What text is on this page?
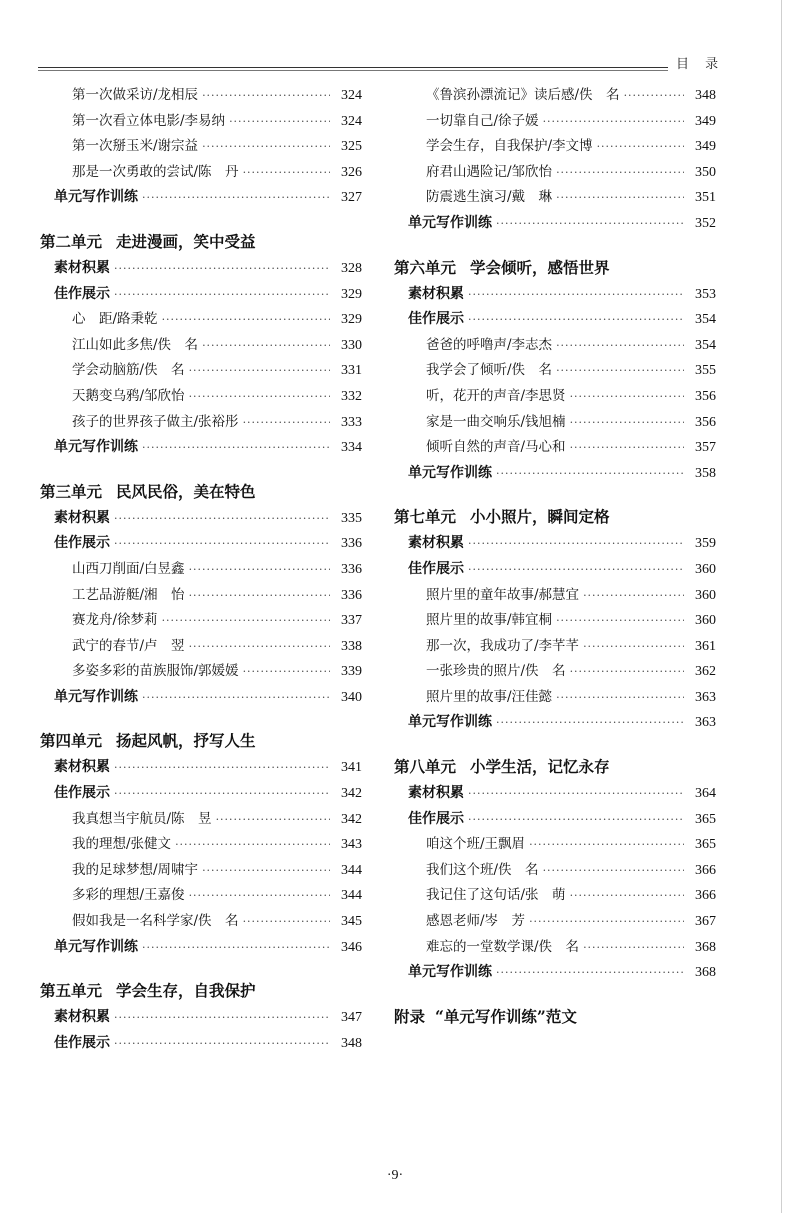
目 录
第一次做采访/龙相辰 ·····	324
第一次看立体电影/李易纳 ·····	324
第一次掰玉米/谢宗益 ·····	325
那是一次勇敢的尝试/陈　丹 ·····	326
单元写作训练 ·····	327
第二单元 走进漫画，笑中受益
素材积累 ·····	328
佳作展示 ·····	329
心　距/路秉乾 ·····	329
江山如此多焦/佚　名 ·····	330
学会动脑筋/佚　名 ·····	331
天鹅变乌鸦/邹欣怡 ·····	332
孩子的世界孩子做主/张裕彤 ·····	333
单元写作训练 ·····	334
第三单元 民风民俗，美在特色
素材积累 ·····	335
佳作展示 ·····	336
山西刀削面/白昱鑫 ·····	336
工艺品游艇/湘　怡 ·····	336
赛龙舟/徐梦莉 ·····	337
武宁的春节/卢　翌 ·····	338
多姿多彩的苗族服饰/郭媛媛 ·····	339
单元写作训练 ·····	340
第四单元 扬起风帆，抒写人生
素材积累 ·····	341
佳作展示 ·····	342
我真想当宇航员/陈　昱 ·····	342
我的理想/张健文 ·····	343
我的足球梦想/周啸宇 ·····	344
多彩的理想/王嘉俊 ·····	344
假如我是一名科学家/佚　名 ·····	345
单元写作训练 ·····	346
第五单元 学会生存，自我保护
素材积累 ·····	347
佳作展示 ·····	348
《鲁滨孙漂流记》读后感/佚　名 ·····	348
一切靠自己/徐子媛 ·····	349
学会生存，自我保护/李文博 ·····	349
府君山遇险记/邹欣怡 ·····	350
防震逃生演习/戴　琳 ·····	351
单元写作训练 ·····	352
第六单元 学会倾听，感悟世界
素材积累 ·····	353
佳作展示 ·····	354
爸爸的呼噜声/李志杰 ·····	354
我学会了倾听/佚　名 ·····	355
听，花开的声音/李思贤 ·····	356
家是一曲交响乐/钱旭楠 ·····	356
倾听自然的声音/马心和 ·····	357
单元写作训练 ·····	358
第七单元 小小照片，瞬间定格
素材积累 ·····	359
佳作展示 ·····	360
照片里的童年故事/郝慧宜 ·····	360
照片里的故事/韩宜桐 ·····	360
那一次，我成功了/李芊芊 ·····	361
一张珍贵的照片/佚　名 ·····	362
照片里的故事/汪佳懿 ·····	363
单元写作训练 ·····	363
第八单元 小学生活，记忆永存
素材积累 ·····	364
佳作展示 ·····	365
咱这个班/王飘眉 ·····	365
我们这个班/佚　名 ·····	366
我记住了这句话/张　萌 ·····	366
感恩老师/岑　芳 ·····	367
难忘的一堂数学课/佚　名 ·····	368
单元写作训练 ·····	368
附录 “单元写作训练”范文
·9·
